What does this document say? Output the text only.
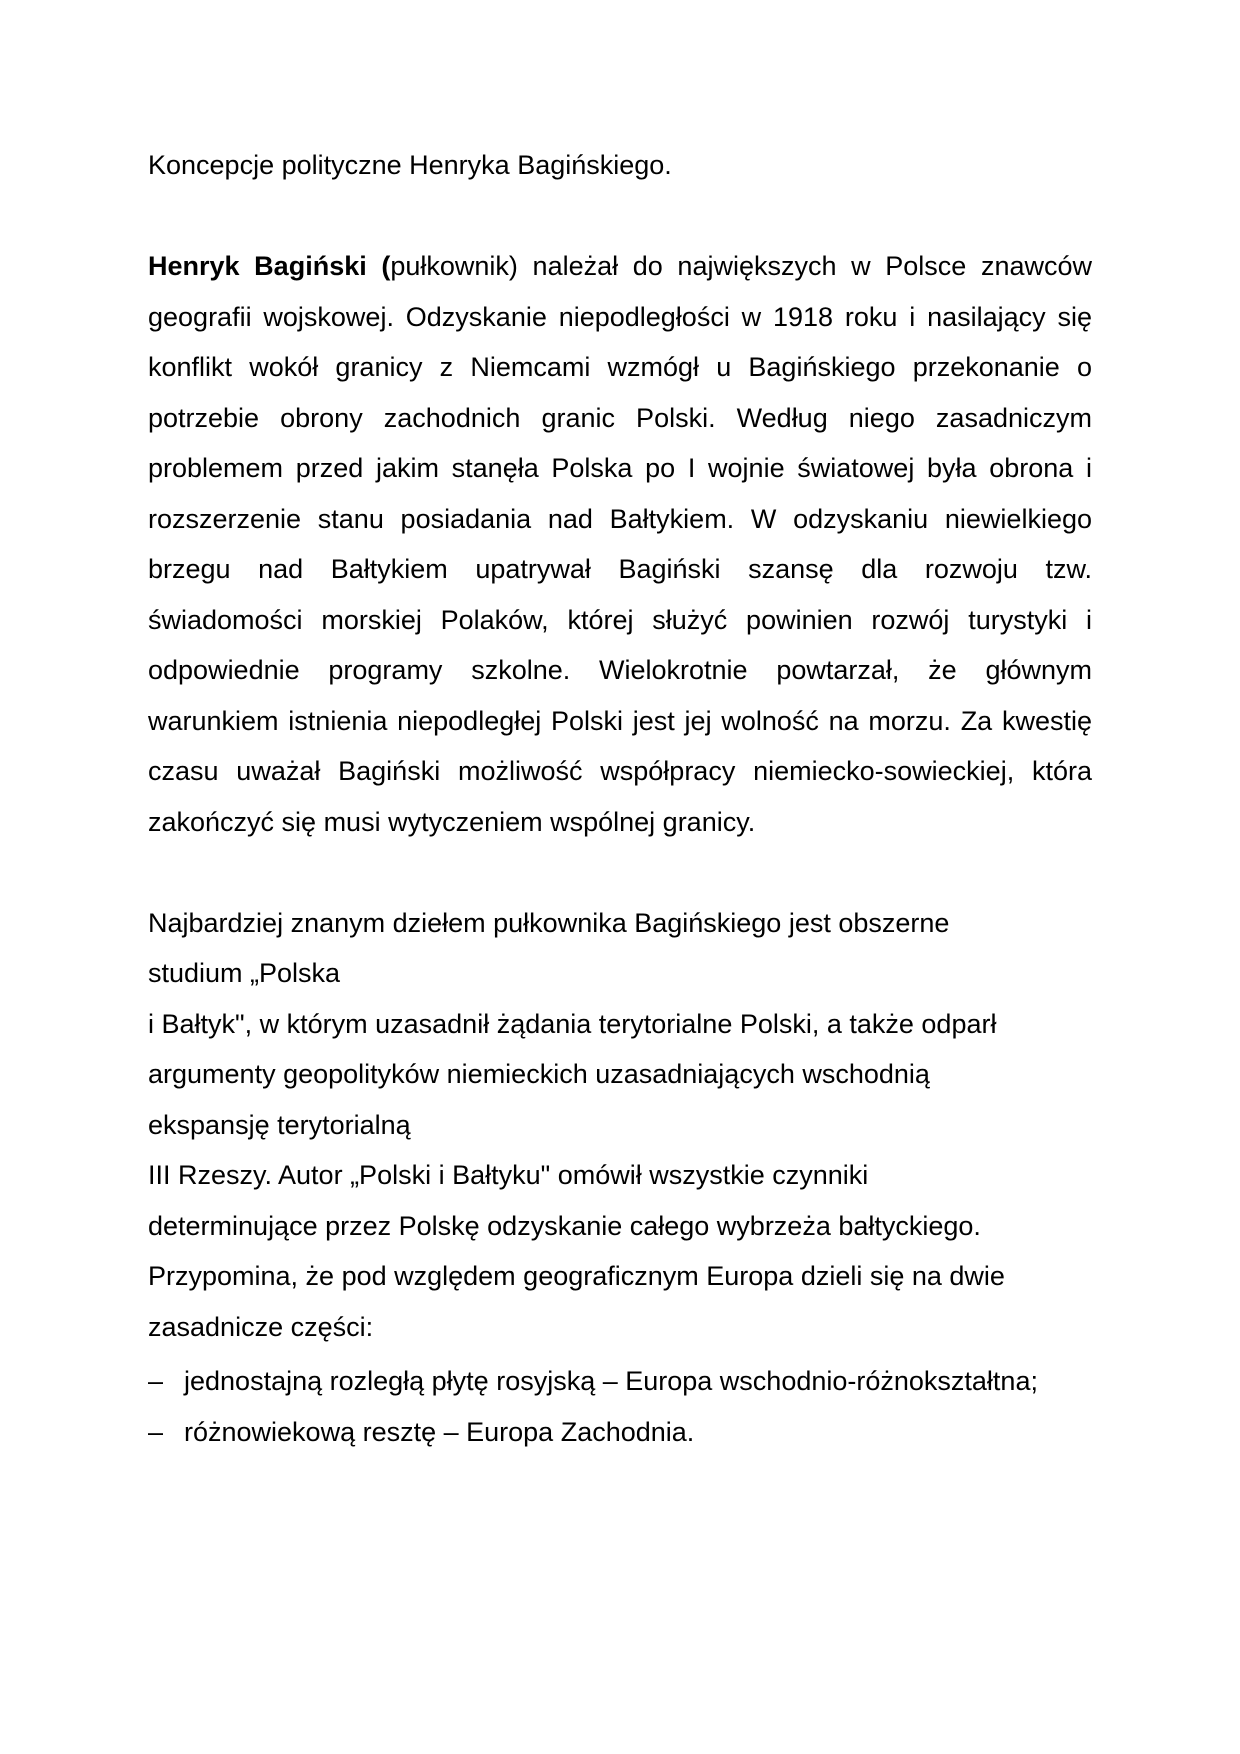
Koncepcje polityczne Henryka Bagińskiego.

Henryk Bagiński (pułkownik) należał do największych w Polsce znawców geografii wojskowej. Odzyskanie niepodległości w 1918 roku i nasilający się konflikt wokół granicy z Niemcami wzmógł u Bagińskiego przekonanie o potrzebie obrony zachodnich granic Polski. Według niego zasadniczym problemem przed jakim stanęła Polska po I wojnie światowej była obrona i rozszerzenie stanu posiadania nad Bałtykiem. W odzyskaniu niewielkiego brzegu nad Bałtykiem upatrywał Bagiński szansę dla rozwoju tzw. świadomości morskiej Polaków, której służyć powinien rozwój turystyki i odpowiednie programy szkolne. Wielokrotnie powtarzał, że głównym warunkiem istnienia niepodległej Polski jest jej wolność na morzu. Za kwestię czasu uważał Bagiński możliwość współpracy niemiecko-sowieckiej, która zakończyć się musi wytyczeniem wspólnej granicy.

Najbardziej znanym dziełem pułkownika Bagińskiego jest obszerne

studium „Polska

i Bałtyk", w którym uzasadnił żądania terytorialne Polski, a także odparł

argumenty geopolityków niemieckich uzasadniających wschodnią

ekspansję terytorialną

III Rzeszy. Autor „Polski i Bałtyku" omówił wszystkie czynniki

determinujące przez Polskę odzyskanie całego wybrzeża bałtyckiego.

Przypomina, że pod względem geograficznym Europa dzieli się na dwie

zasadnicze części:

– jednostajną rozległą płytę rosyjską – Europa wschodnio-różnokształtna;
– różnowiekową resztę – Europa Zachodnia.
